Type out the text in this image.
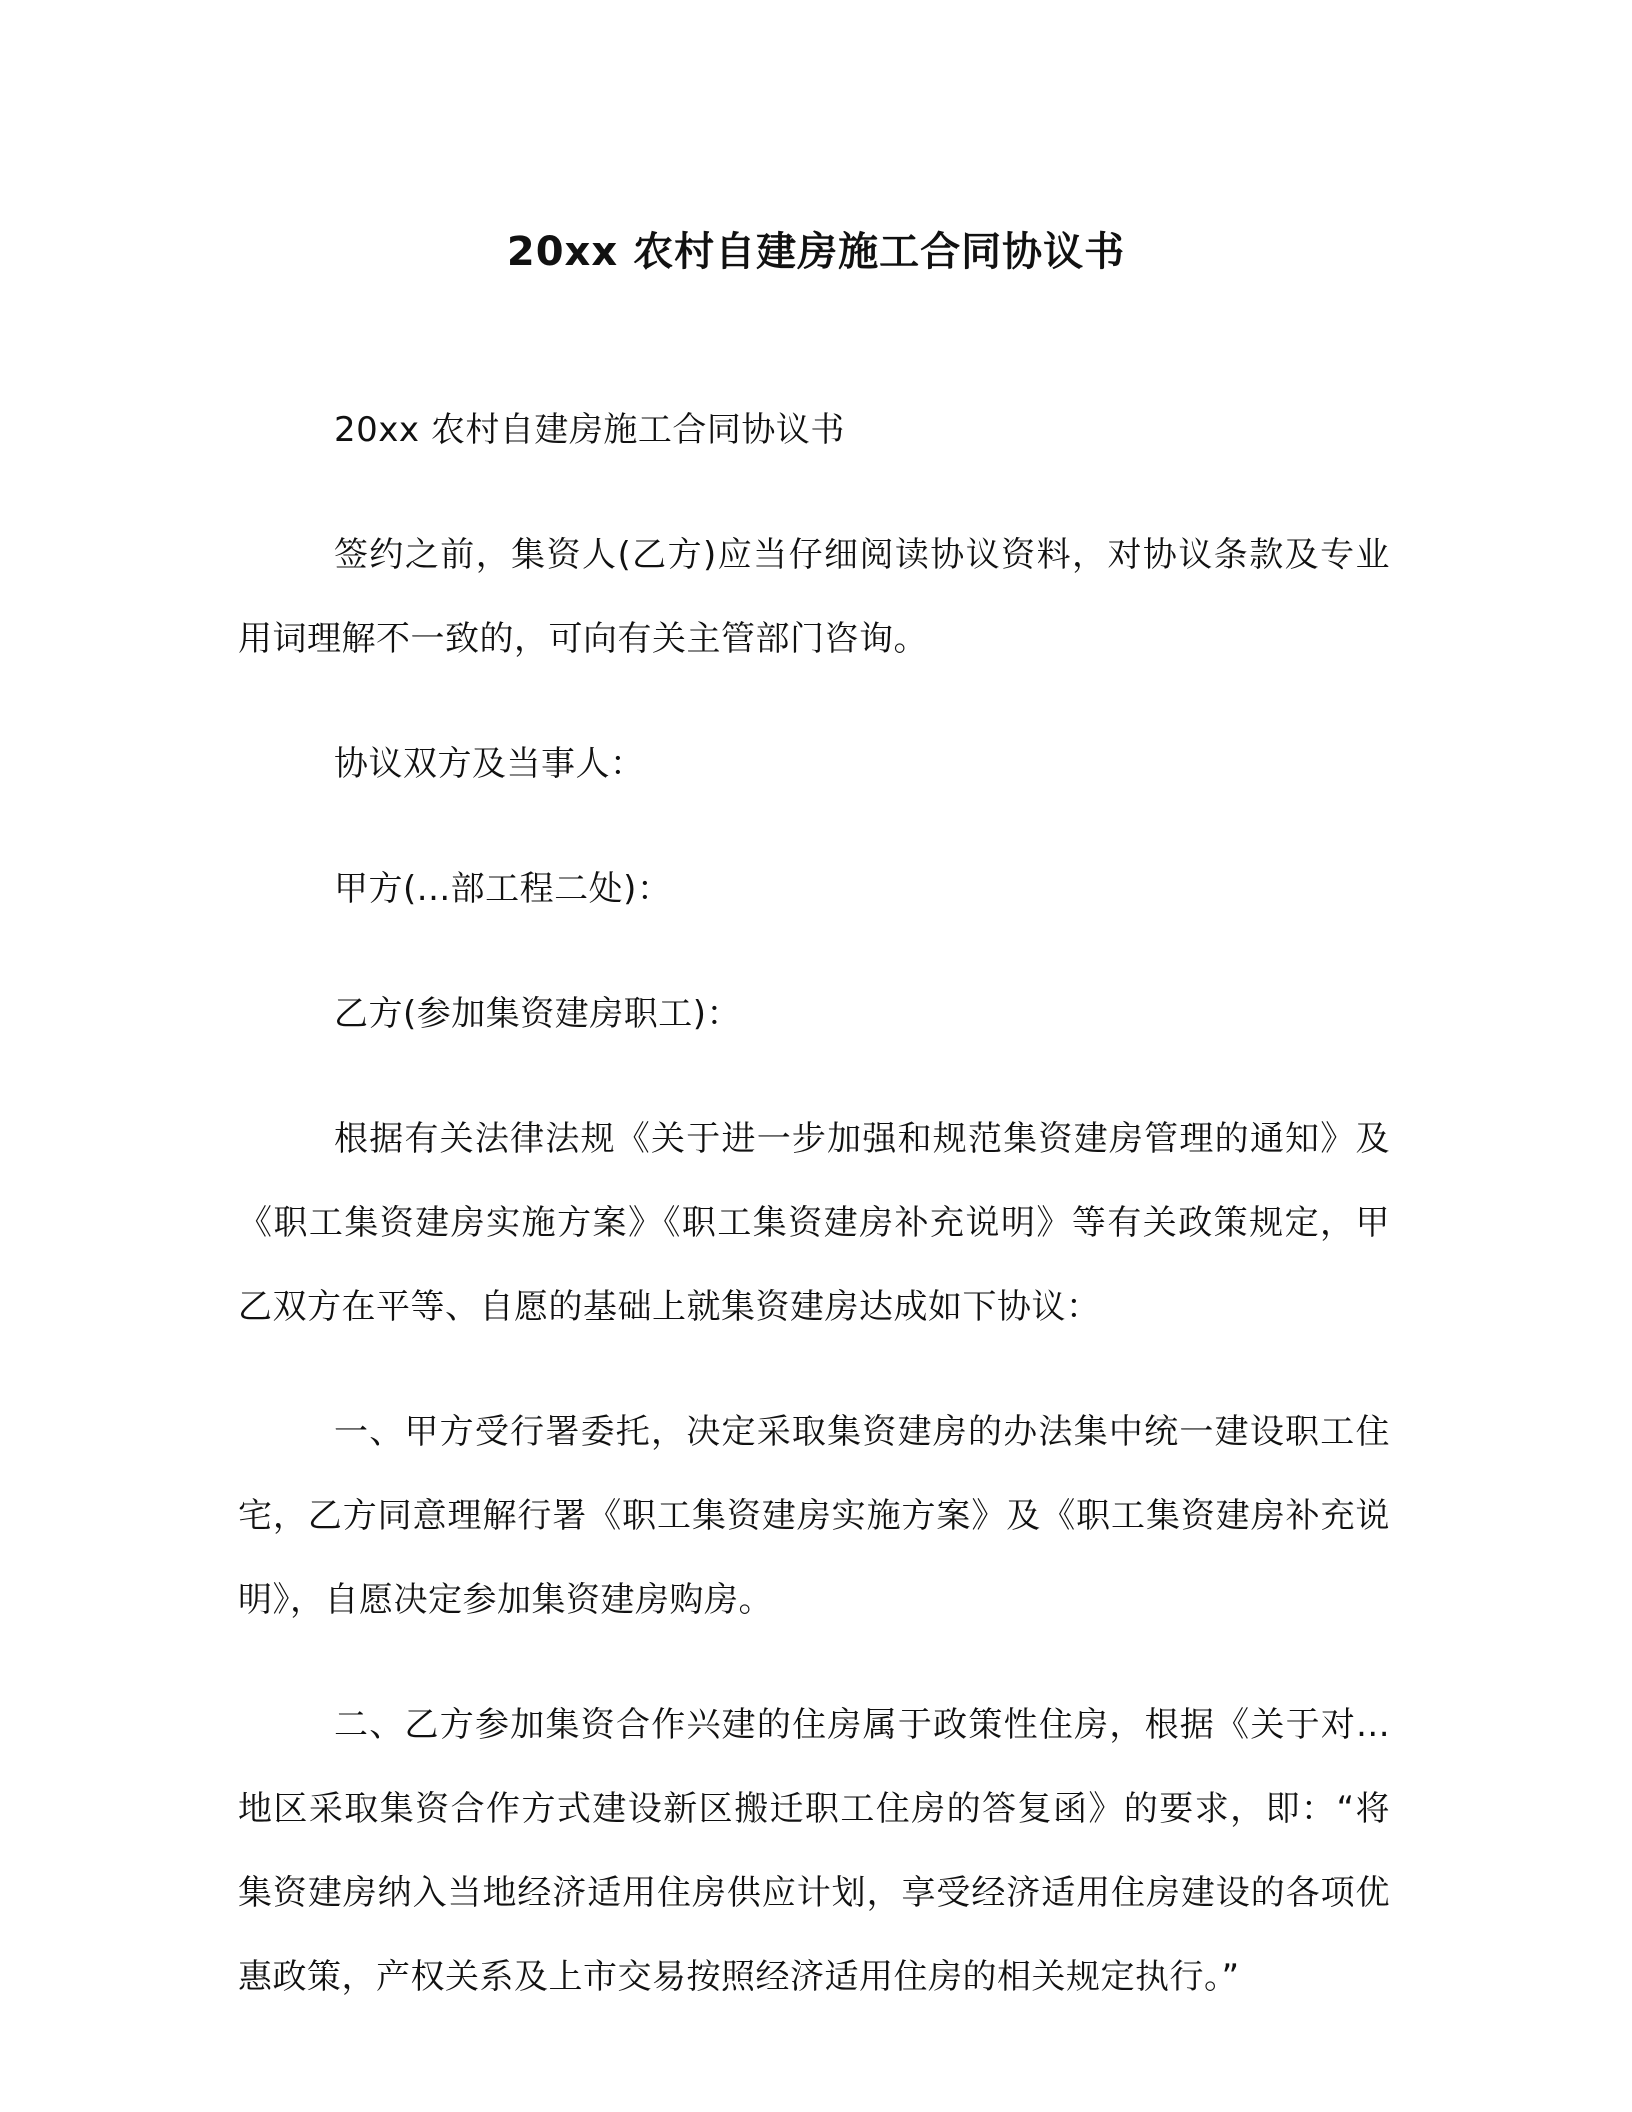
20xx 农村自建房施工合同协议书

20xx 农村自建房施工合同协议书

签约之前，集资人(乙方)应当仔细阅读协议资料，对协议条款及专业用词理解不一致的，可向有关主管部门咨询。

协议双方及当事人：

甲方(...部工程二处)：

乙方(参加集资建房职工)：

根据有关法律法规《关于进一步加强和规范集资建房管理的通知》及《职工集资建房实施方案》《职工集资建房补充说明》等有关政策规定，甲乙双方在平等、自愿的基础上就集资建房达成如下协议：

一、甲方受行署委托，决定采取集资建房的办法集中统一建设职工住宅，乙方同意理解行署《职工集资建房实施方案》及《职工集资建房补充说明》，自愿决定参加集资建房购房。

二、乙方参加集资合作兴建的住房属于政策性住房，根据《关于对...地区采取集资合作方式建设新区搬迁职工住房的答复函》的要求，即：“将集资建房纳入当地经济适用住房供应计划，享受经济适用住房建设的各项优惠政策，产权关系及上市交易按照经济适用住房的相关规定执行。”
